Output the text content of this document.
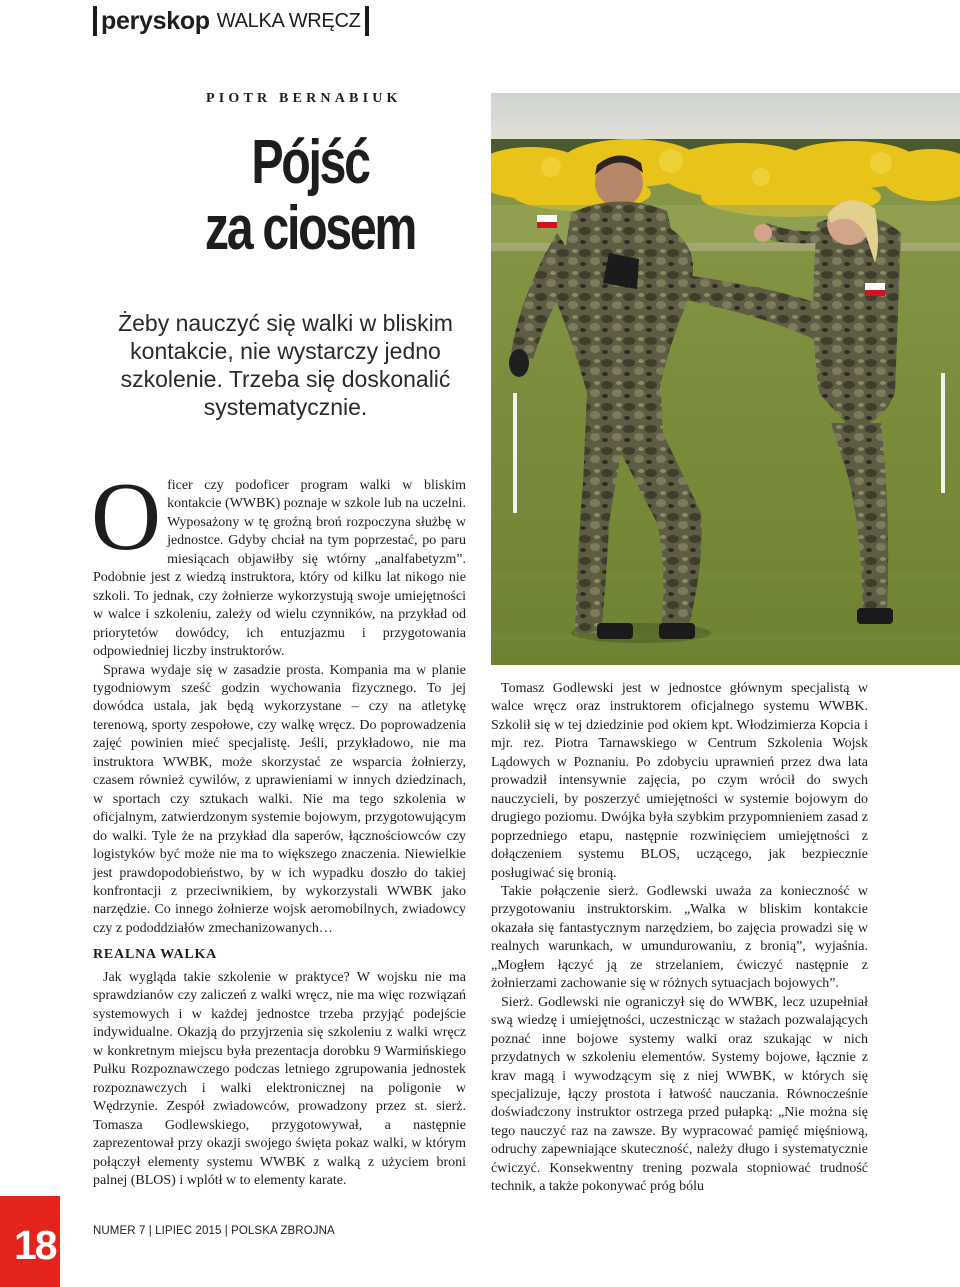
peryskop WALKA WRĘCZ
PIOTR BERNABIUK
Pójść
za ciosem
Żeby nauczyć się walki w bliskim kontakcie, nie wystarczy jedno szkolenie. Trzeba się doskonalić systematycznie.
O ficer czy podoficer program walki w bliskim kontakcie (WWBK) poznaje w szkole lub na uczelni. Wyposażony w tę groźną broń rozpoczyna służbę w jednostce. Gdyby chciał na tym poprzestać, po paru miesiącach objawiłby się wtórny „analfabetyzm”. Podobnie jest z wiedzą instruktora, który od kilku lat nikogo nie szkoli. To jednak, czy żołnierze wykorzystują swoje umiejętności w walce i szkoleniu, zależy od wielu czynników, na przykład od priorytetów dowódcy, ich entuzjazmu i przygotowania odpowiedniej liczby instruktorów.

Sprawa wydaje się w zasadzie prosta. Kompania ma w planie tygodniowym sześć godzin wychowania fizycznego. To jej dowódca ustala, jak będą wykorzystane – czy na atletykę terenową, sporty zespołowe, czy walkę wręcz. Do poprowadzenia zajęć powinien mieć specjalistę. Jeśli, przykładowo, nie ma instruktora WWBK, może skorzystać ze wsparcia żołnierzy, czasem również cywilów, z uprawieniami w innych dziedzinach, w sportach czy sztukach walki. Nie ma tego szkolenia w oficjalnym, zatwierdzonym systemie bojowym, przygotowującym do walki. Tyle że na przykład dla saperów, łącznościowców czy logistyków być może nie ma to większego znaczenia. Niewielkie jest prawdopodobieństwo, by w ich wypadku doszło do takiej konfrontacji z przeciwnikiem, by wykorzystali WWBK jako narzędzie. Co innego żołnierze wojsk aeromobilnych, zwiadowcy czy z pododdziałów zmechanizowanych…

REALNA WALKA

Jak wygląda takie szkolenie w praktyce? W wojsku nie ma sprawdzianów czy zaliczeń z walki wręcz, nie ma więc rozwiązań systemowych i w każdej jednostce trzeba przyjąć podejście indywidualne. Okazją do przyjrzenia się szkoleniu z walki wręcz w konkretnym miejscu była prezentacja dorobku 9 Warmińskiego Pułku Rozpoznawczego podczas letniego zgrupowania jednostek rozpoznawczych i walki elektronicznej na poligonie w Wędrzynie. Zespół zwiadowców, prowadzony przez st. sierż. Tomasza Godlewskiego, przygotowywał, a następnie zaprezentował przy okazji swojego święta pokaz walki, w którym połączył elementy systemu WWBK z walką z użyciem broni palnej (BLOS) i wplótł w to elementy karate.

Tomasz Godlewski jest w jednostce głównym specjalistą w walce wręcz oraz instruktorem oficjalnego systemu WWBK. Szkolił się w tej dziedzinie pod okiem kpt. Włodzimierza Kopcia i mjr. rez. Piotra Tarnawskiego w Centrum Szkolenia Wojsk Lądowych w Poznaniu. Po zdobyciu uprawnień przez dwa lata prowadził intensywnie zajęcia, po czym wrócił do swych nauczycieli, by poszerzyć umiejętności w systemie bojowym do drugiego poziomu. Dwójka była szybkim przypomnieniem zasad z poprzedniego etapu, następnie rozwinięciem umiejętności z dołączeniem systemu BLOS, uczącego, jak bezpiecznie posługiwać się bronią.

Takie połączenie sierż. Godlewski uważa za konieczność w przygotowaniu instruktorskim. „Walka w bliskim kontakcie okazała się fantastycznym narzędziem, bo zajęcia prowadzi się w realnych warunkach, w umundurowaniu, z bronią”, wyjaśnia. „Mogłem łączyć ją ze strzelaniem, ćwiczyć następnie z żołnierzami zachowanie się w różnych sytuacjach bojowych”.

Sierż. Godlewski nie ograniczył się do WWBK, lecz uzupełniał swą wiedzę i umiejętności, uczestnicząc w stażach pozwalających poznać inne bojowe systemy walki oraz szukając w nich przydatnych w szkoleniu elementów. Systemy bojowe, łącznie z krav magą i wywodzącym się z niej WWBK, w których się specjalizuje, łączy prostota i łatwość nauczania. Równocześnie doświadczony instruktor ostrzega przed pułapką: „Nie można się tego nauczyć raz na zawsze. By wypracować pamięć mięśniową, odruchy zapewniające skuteczność, należy długo i systematycznie ćwiczyć. Konsekwentny trening pozwala stopniować trudność technik, a także pokonywać próg bólu

18	NUMER 7 | LIPIEC 2015 | POLSKA ZBROJNA
